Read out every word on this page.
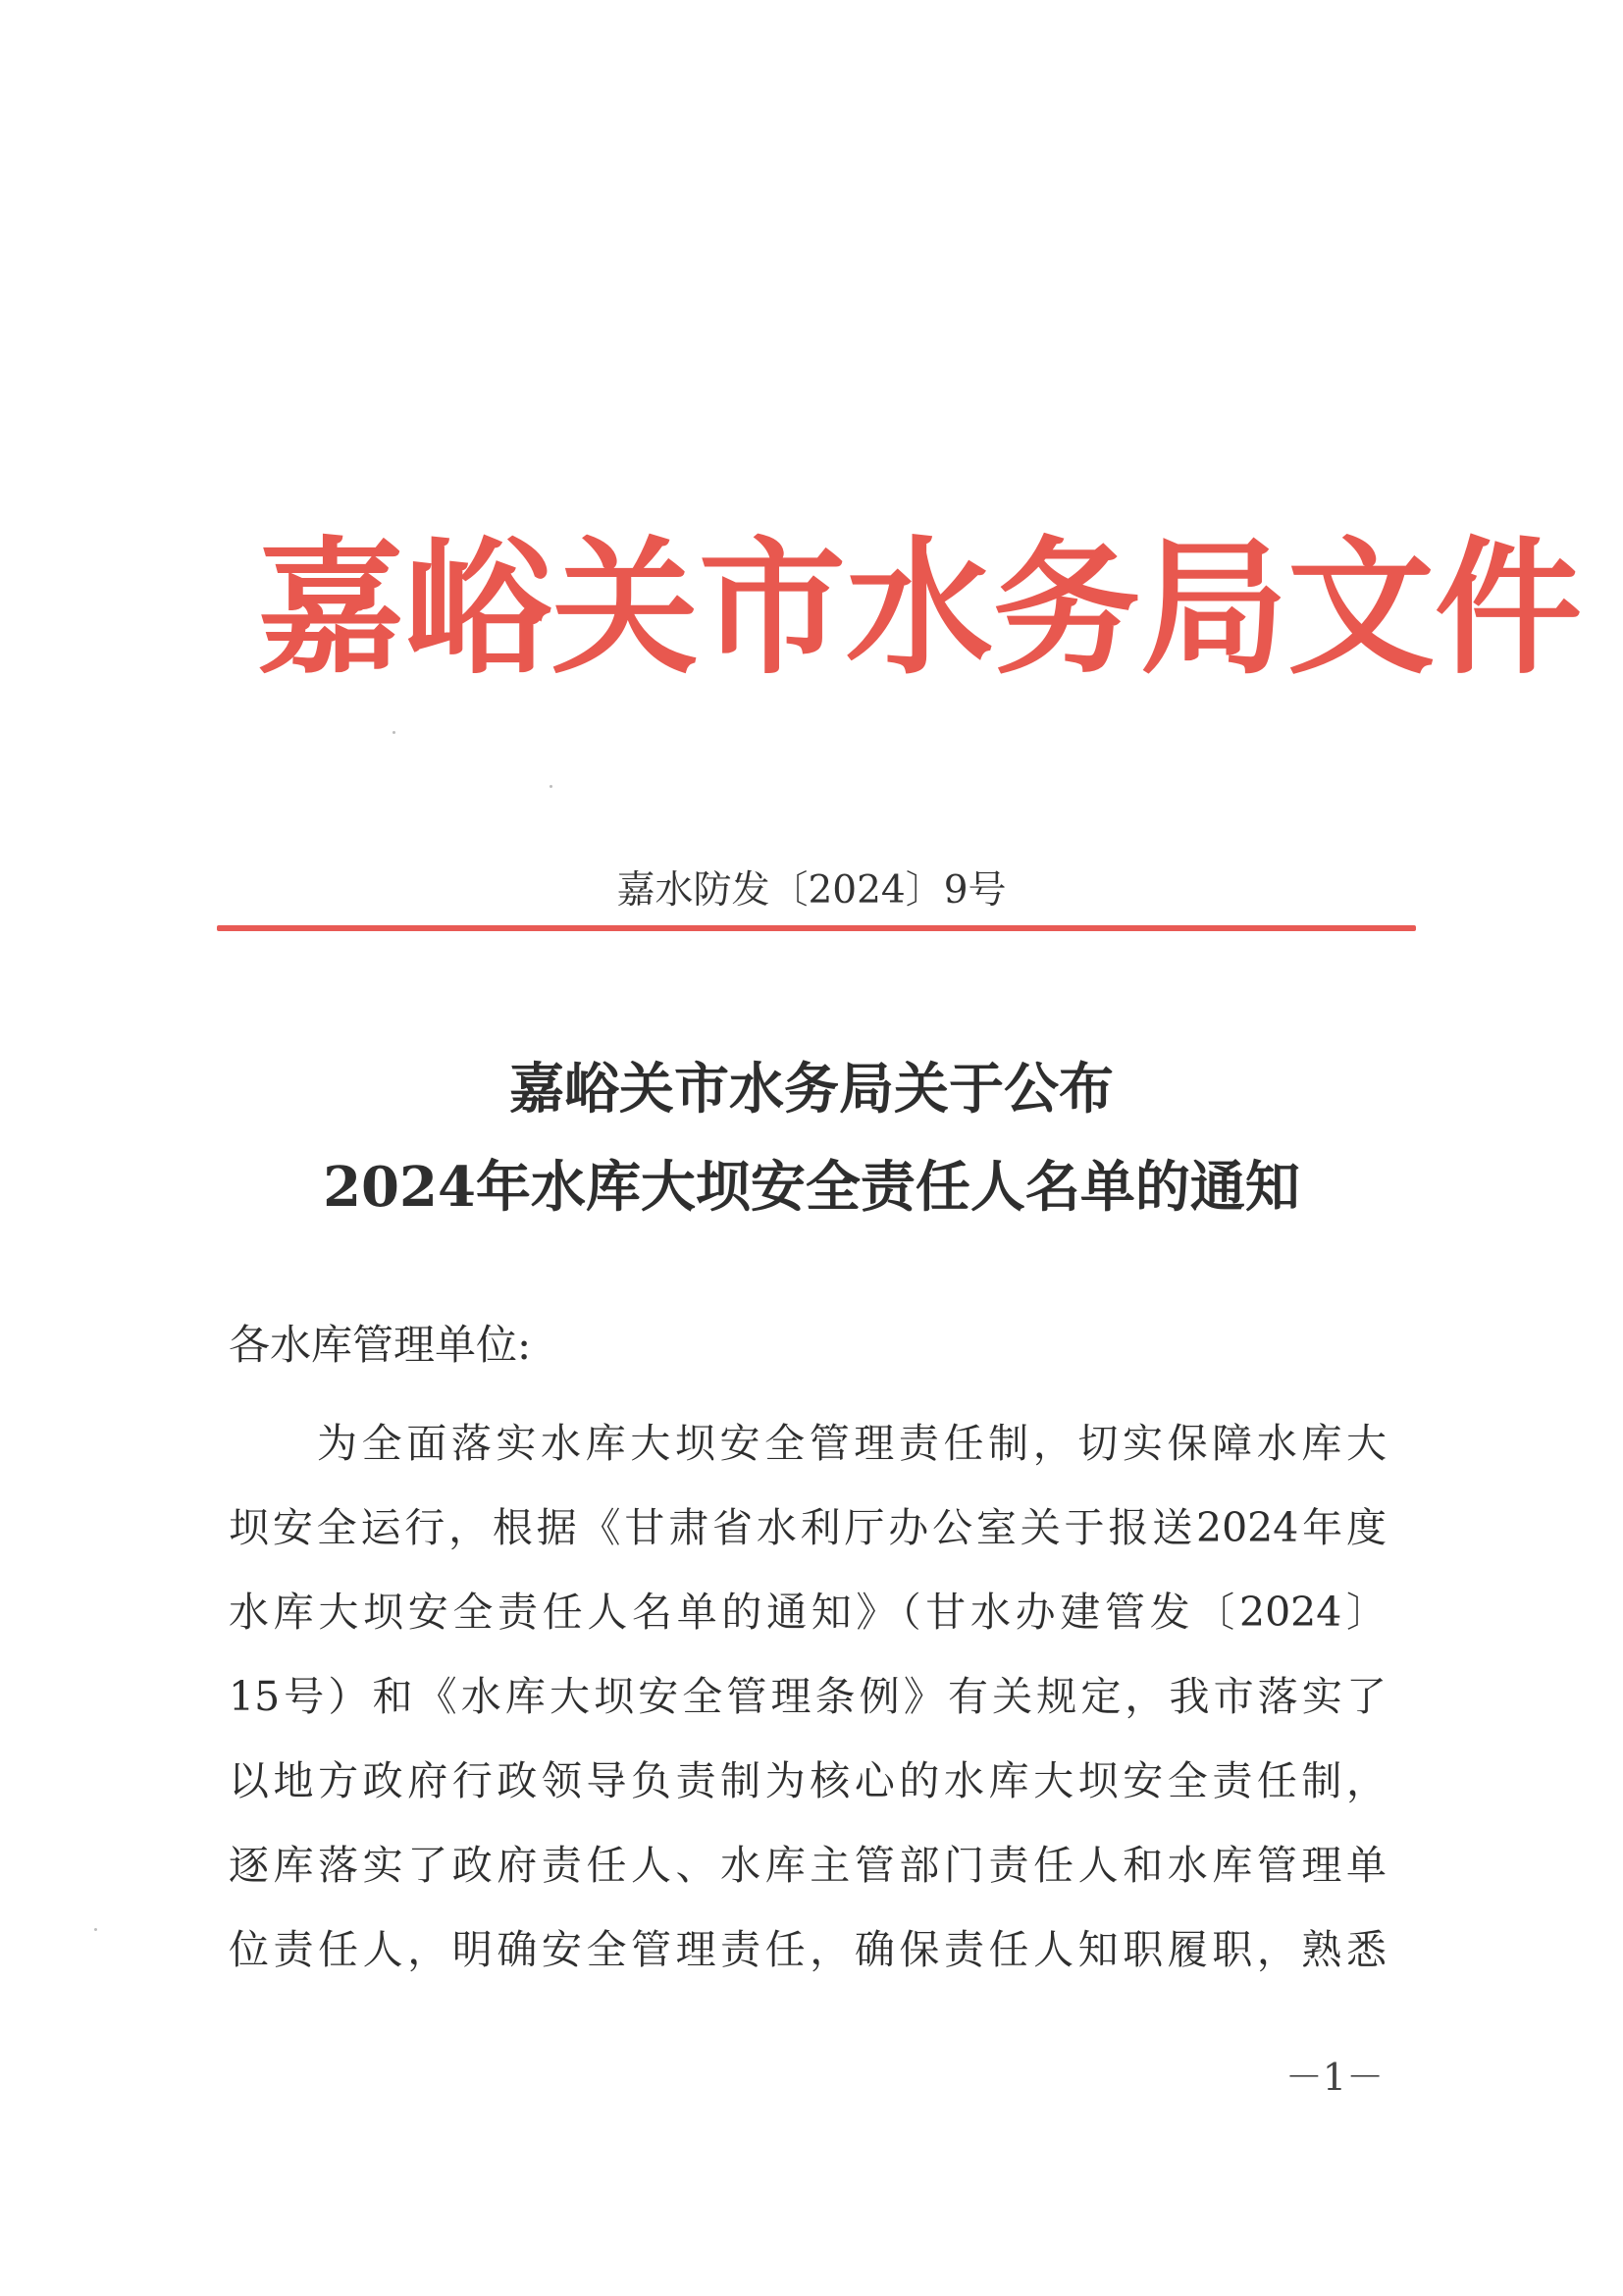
嘉峪关市水务局文件
嘉水防发〔2024〕9号
嘉峪关市水务局关于公布
2024年水库大坝安全责任人名单的通知
各水库管理单位:
为全面落实水库大坝安全管理责任制，切实保障水库大
坝安全运行，根据《甘肃省水利厅办公室关于报送2024年度
水库大坝安全责任人名单的通知》（甘水办建管发〔2024〕
15号）和《水库大坝安全管理条例》有关规定，我市落实了
以地方政府行政领导负责制为核心的水库大坝安全责任制，
逐库落实了政府责任人、水库主管部门责任人和水库管理单
位责任人，明确安全管理责任，确保责任人知职履职，熟悉
－1－
